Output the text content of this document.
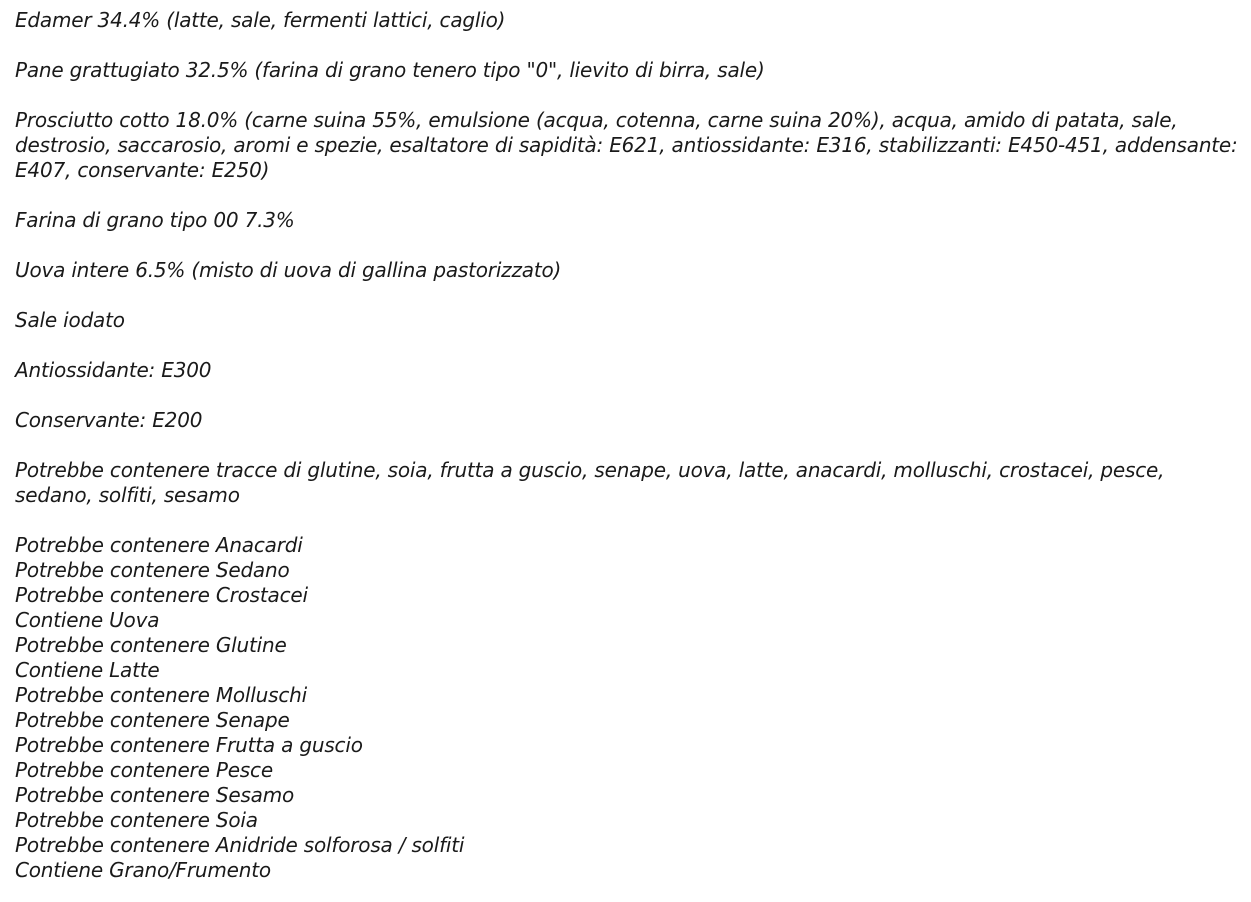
Edamer 34.4% (latte, sale, fermenti lattici, caglio)

Pane grattugiato 32.5% (farina di grano tenero tipo "0", lievito di birra, sale)

Prosciutto cotto 18.0% (carne suina 55%, emulsione (acqua, cotenna, carne suina 20%), acqua, amido di patata, sale, destrosio, saccarosio, aromi e spezie, esaltatore di sapidità: E621, antiossidante: E316, stabilizzanti: E450-451, addensante: E407, conservante: E250)

Farina di grano tipo 00 7.3%

Uova intere 6.5% (misto di uova di gallina pastorizzato)

Sale iodato

Antiossidante: E300

Conservante: E200

Potrebbe contenere tracce di glutine, soia, frutta a guscio, senape, uova, latte, anacardi, molluschi, crostacei, pesce, sedano, solfiti, sesamo

Potrebbe contenere Anacardi
Potrebbe contenere Sedano
Potrebbe contenere Crostacei
Contiene Uova
Potrebbe contenere Glutine
Contiene Latte
Potrebbe contenere Molluschi
Potrebbe contenere Senape
Potrebbe contenere Frutta a guscio
Potrebbe contenere Pesce
Potrebbe contenere Sesamo
Potrebbe contenere Soia
Potrebbe contenere Anidride solforosa / solfiti
Contiene Grano/Frumento
